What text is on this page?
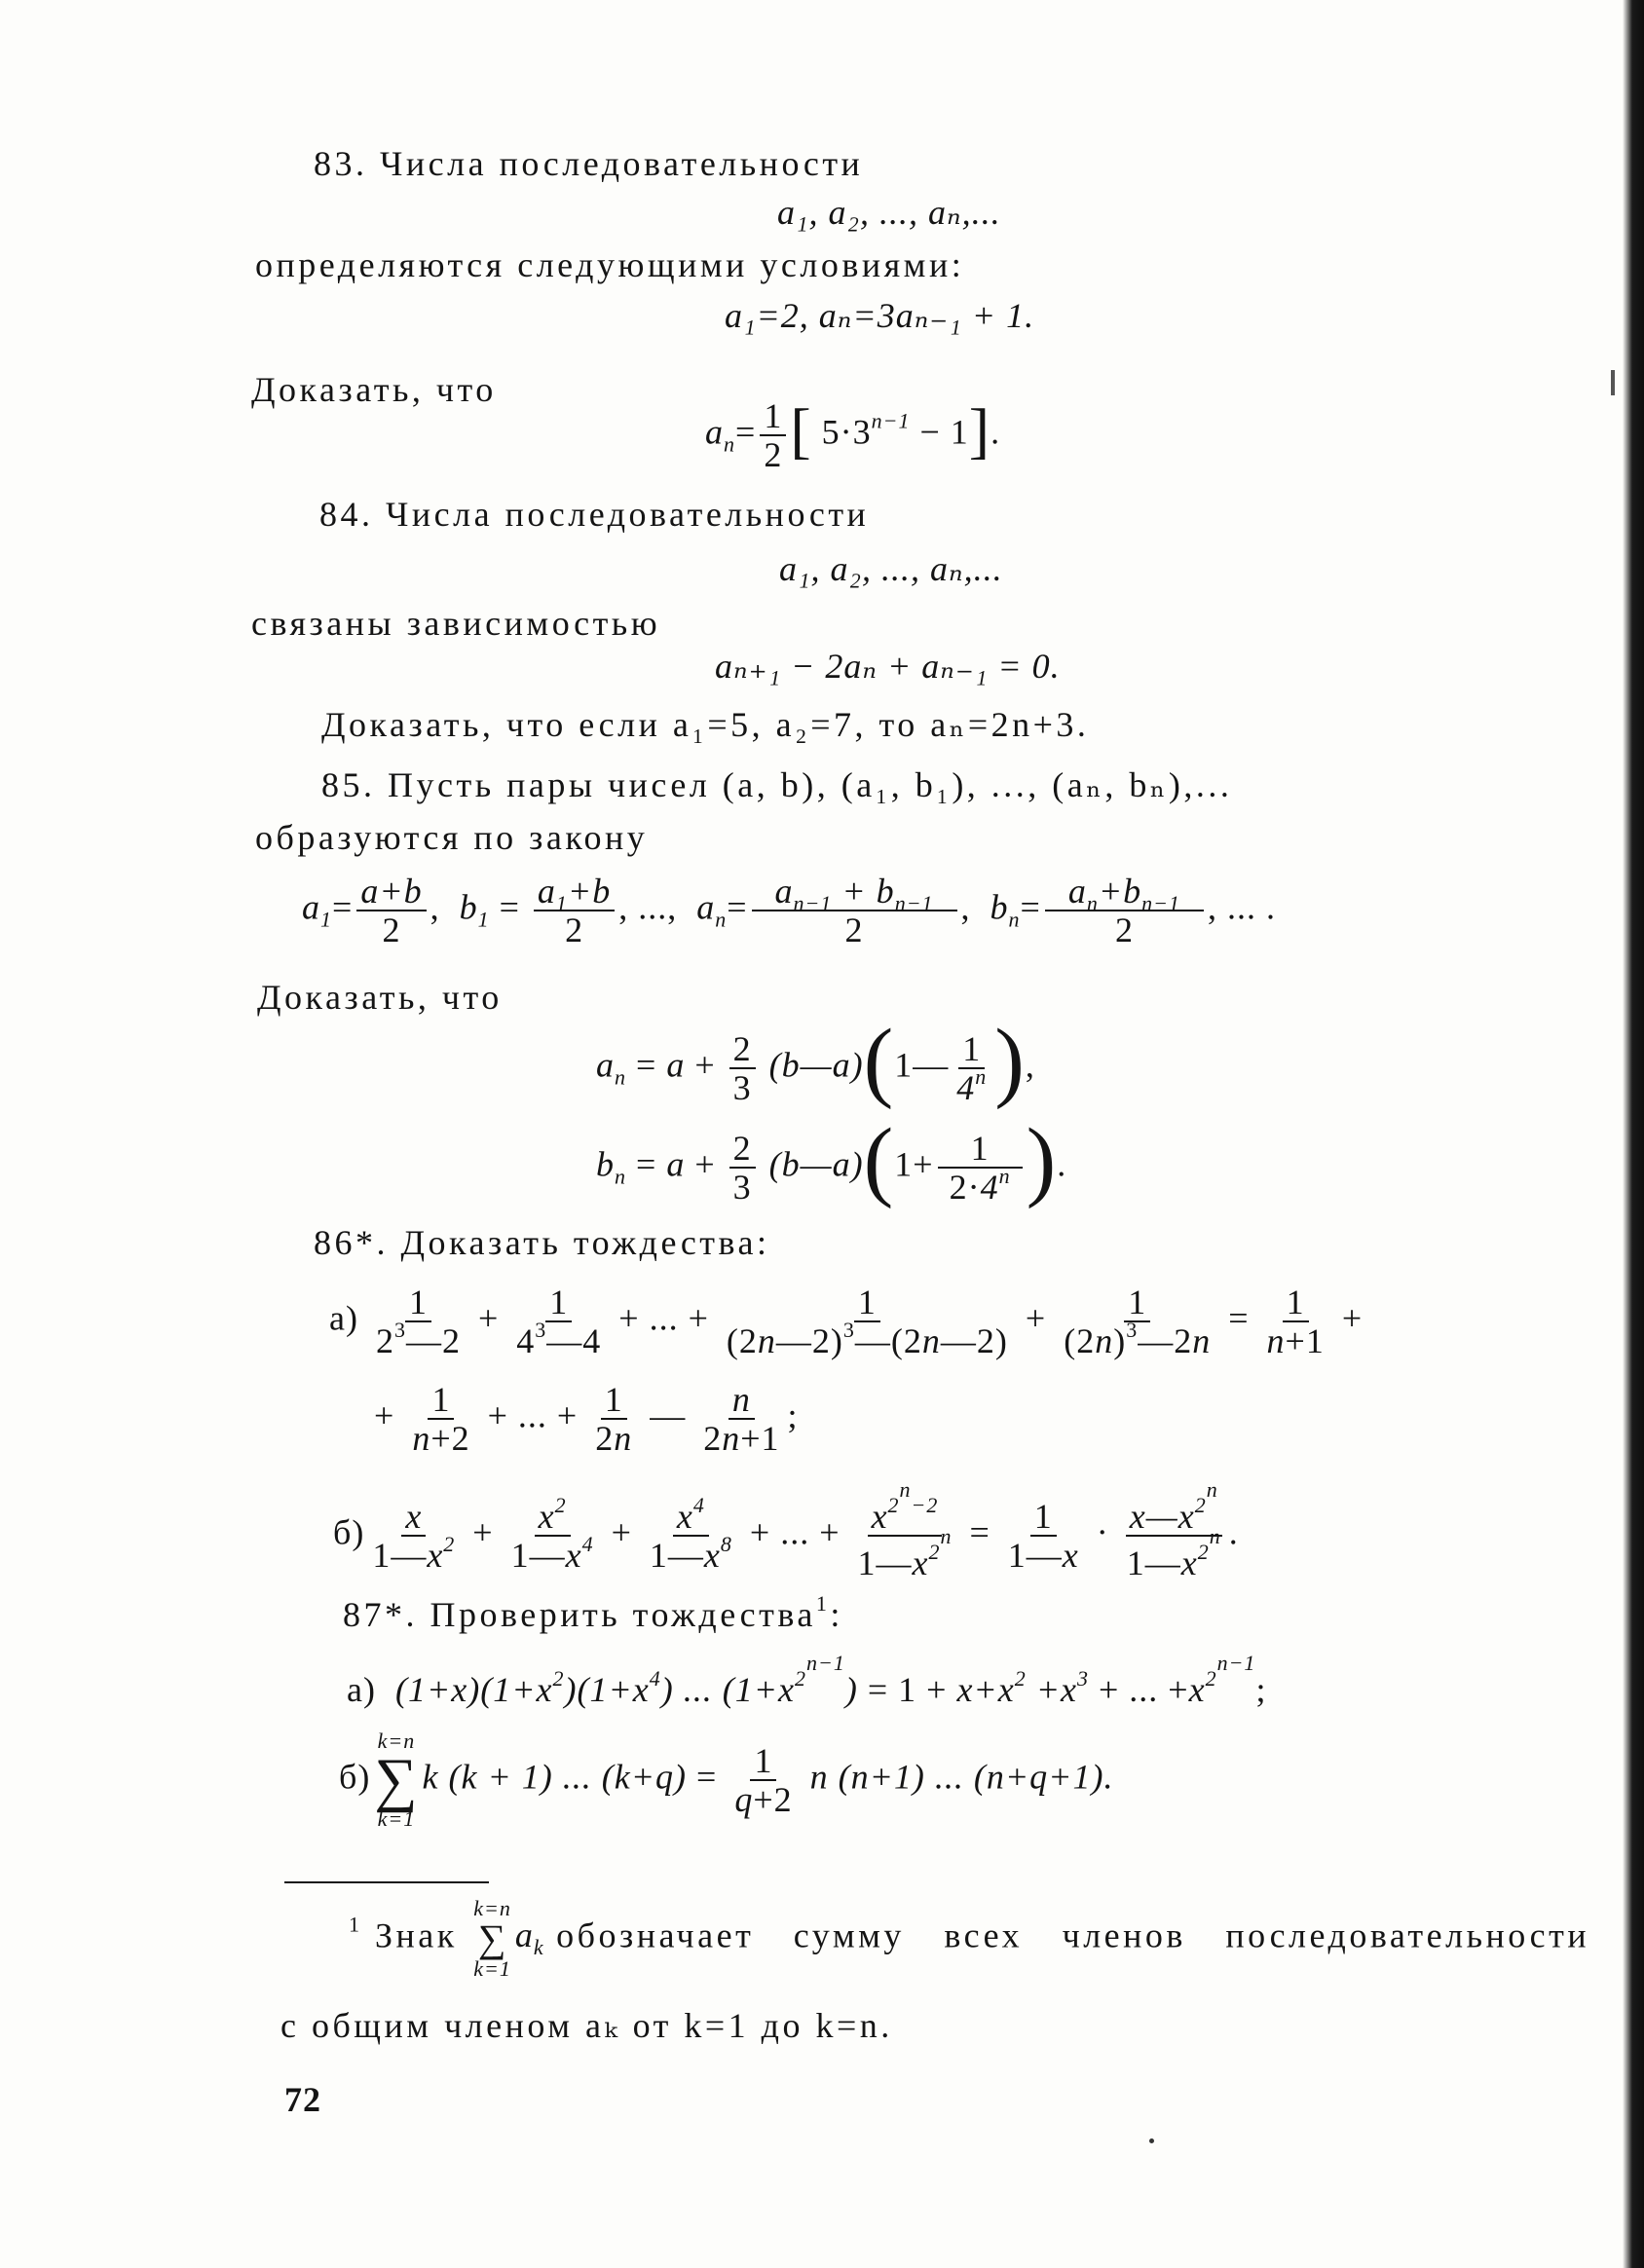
83. Числа последовательности
a₁, a₂, ..., aₙ,...
определяются следующими условиями:
a₁=2, aₙ=3aₙ₋₁ + 1.
Доказать, что
$a_n= \frac{1}{2}$ [ $5\cdot 3^{n-1} - 1$].
84. Числа последовательности
a₁, a₂, ..., aₙ,...
связаны зависимостью
aₙ₊₁ − 2aₙ + aₙ₋₁ = 0.
Доказать, что если a₁=5, a₂=7, то aₙ=2n+3.
85. Пусть пары чисел (a, b), (a₁, b₁), ..., (aₙ, bₙ),...
образуются по закону
$a_1= \frac{a+b}{2}$ ,  $b_1 = \frac{a_1+b}{2}$ , ...,  $a_n= \frac{a_{n-1} + b_{n-1}}{2}$ ,  $b_n= \frac{a_n+b_{n-1}}{2}$ , ... .
Доказать, что
$a_n = a + \frac{2}{3}$ (b—a)(1— $\frac{1}{4^n}$ ),
$b_n = a + \frac{2}{3}$ (b—a)(1+ $\frac{1}{2\cdot 4^n}$ ).
86*. Доказать тождества:
$а) \frac{1}{2^3—2} + \frac{1}{4^3—4}$ + ... + $\frac{1}{(2n—2)^3—(2n—2)} + \frac{1}{(2n)^3—2n} = \frac{1}{n+1}$ +
+ $\frac{1}{n+2}$ + ... + $\frac{1}{2n}$ — $\frac{n}{2n+1}$ ;
$б) \frac{x}{1—x^2} + \frac{x^2}{1—x^4} + \frac{x^4}{1—x^8}$ + ... + $\frac{x^{2^n-2}}{1—x^{2^n}} = \frac{1}{1—x} \cdot \frac{x—x^{2^n}}{1—x^{2^n}}$ .
87*. Проверить тождества$^1$:
а)  $(1+x)(1+x^2)(1+x^4)$ ... $(1+x^{2^{n-1}}) = 1 + x+x^2 +x^3$ + ... $+x^{2^{n-1}}$;
б)
k=n
∑
k=1
k (k + 1) ... $(k+q) = \frac{1}{q+2}$ n (n+1) ... (n+q+1).
$^1$ Знак
k=n
∑
k=1
$a_k$ обозначает сумму всех членов последовательности
с общим членом aₖ от k=1 до k=n.
72
